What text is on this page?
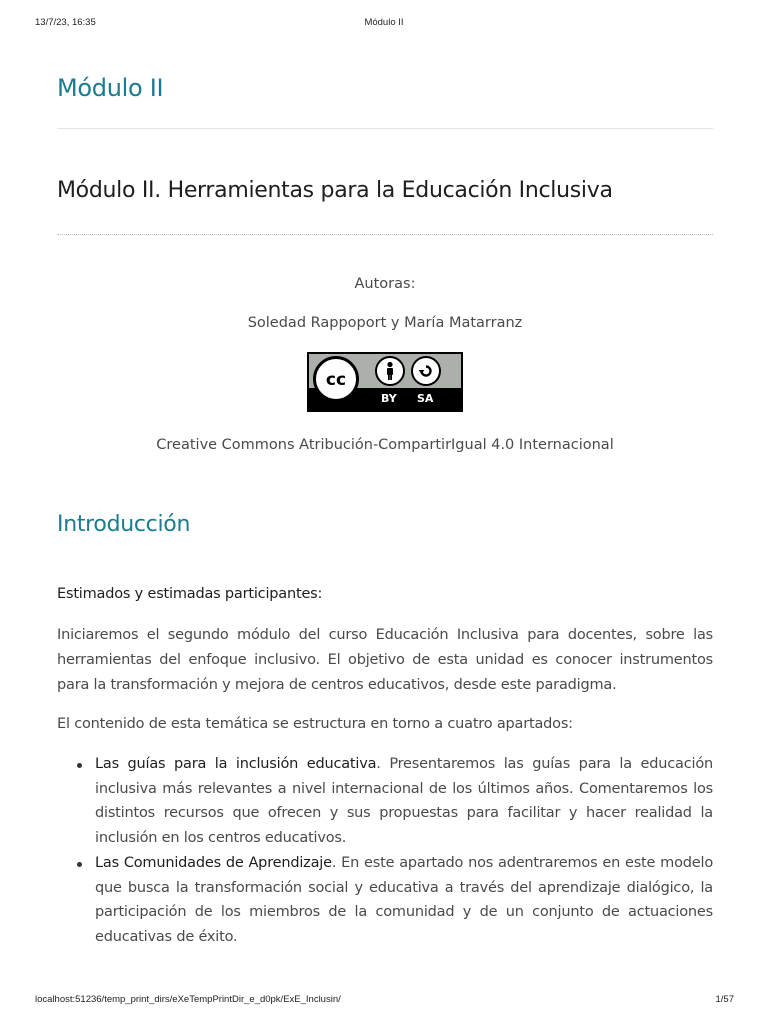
13/7/23, 16:35	Módulo II
Módulo II
Módulo II. Herramientas para la Educación Inclusiva

Autoras:

Soledad Rappoport y María Matarranz

cc
BY SA

Creative Commons Atribución-CompartirIgual 4.0 Internacional

Introducción

Estimados y estimadas participantes:

Iniciaremos el segundo módulo del curso Educación Inclusiva para docentes, sobre las herramientas del enfoque inclusivo. El objetivo de esta unidad es conocer instrumentos para la transformación y mejora de centros educativos, desde este paradigma.

El contenido de esta temática se estructura en torno a cuatro apartados:

Las guías para la inclusión educativa. Presentaremos las guías para la educación inclusiva más relevantes a nivel internacional de los últimos años. Comentaremos los distintos recursos que ofrecen y sus propuestas para facilitar y hacer realidad la inclusión en los centros educativos.
Las Comunidades de Aprendizaje. En este apartado nos adentraremos en este modelo que busca la transformación social y educativa a través del aprendizaje dialógico, la participación de los miembros de la comunidad y de un conjunto de actuaciones educativas de éxito.
localhost:51236/temp_print_dirs/eXeTempPrintDir_e_d0pk/ExE_Inclusin/	1/57
